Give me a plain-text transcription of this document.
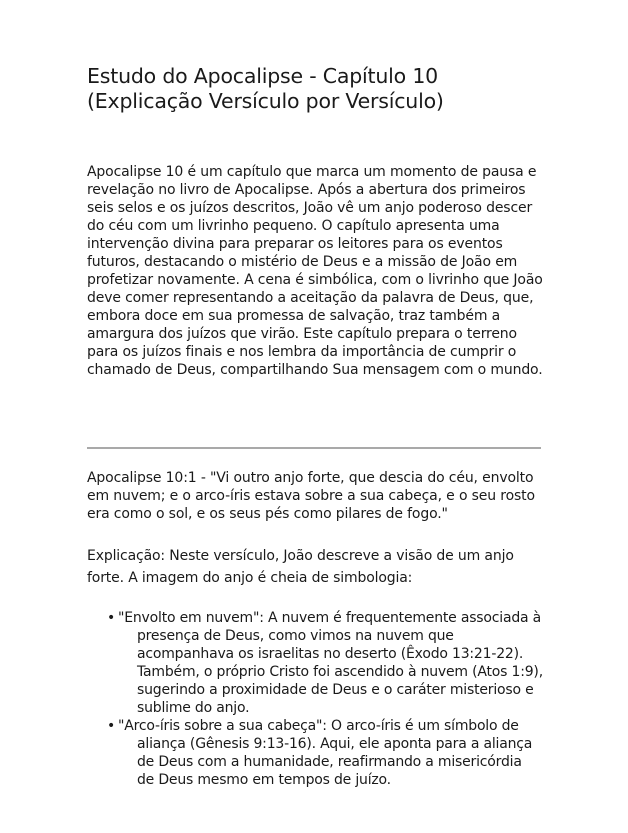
Estudo do Apocalipse - Capítulo 10
(Explicação Versículo por Versículo)

Apocalipse 10 é um capítulo que marca um momento de pausa e revelação no livro de Apocalipse. Após a abertura dos primeiros seis selos e os juízos descritos, João vê um anjo poderoso descer do céu com um livrinho pequeno. O capítulo apresenta uma intervenção divina para preparar os leitores para os eventos futuros, destacando o mistério de Deus e a missão de João em profetizar novamente. A cena é simbólica, com o livrinho que João deve comer representando a aceitação da palavra de Deus, que, embora doce em sua promessa de salvação, traz também a amargura dos juízos que virão. Este capítulo prepara o terreno para os juízos finais e nos lembra da importância de cumprir o chamado de Deus, compartilhando Sua mensagem com o mundo.

Apocalipse 10:1 - "Vi outro anjo forte, que descia do céu, envolto em nuvem; e o arco-íris estava sobre a sua cabeça, e o seu rosto era como o sol, e os seus pés como pilares de fogo."

Explicação: Neste versículo, João descreve a visão de um anjo forte. A imagem do anjo é cheia de simbologia:

• "Envolto em nuvem": A nuvem é frequentemente associada à presença de Deus, como vimos na nuvem que acompanhava os israelitas no deserto (Êxodo 13:21-22). Também, o próprio Cristo foi ascendido à nuvem (Atos 1:9), sugerindo a proximidade de Deus e o caráter misterioso e sublime do anjo.
• "Arco-íris sobre a sua cabeça": O arco-íris é um símbolo de aliança (Gênesis 9:13-16). Aqui, ele aponta para a aliança de Deus com a humanidade, reafirmando a misericórdia de Deus mesmo em tempos de juízo.
